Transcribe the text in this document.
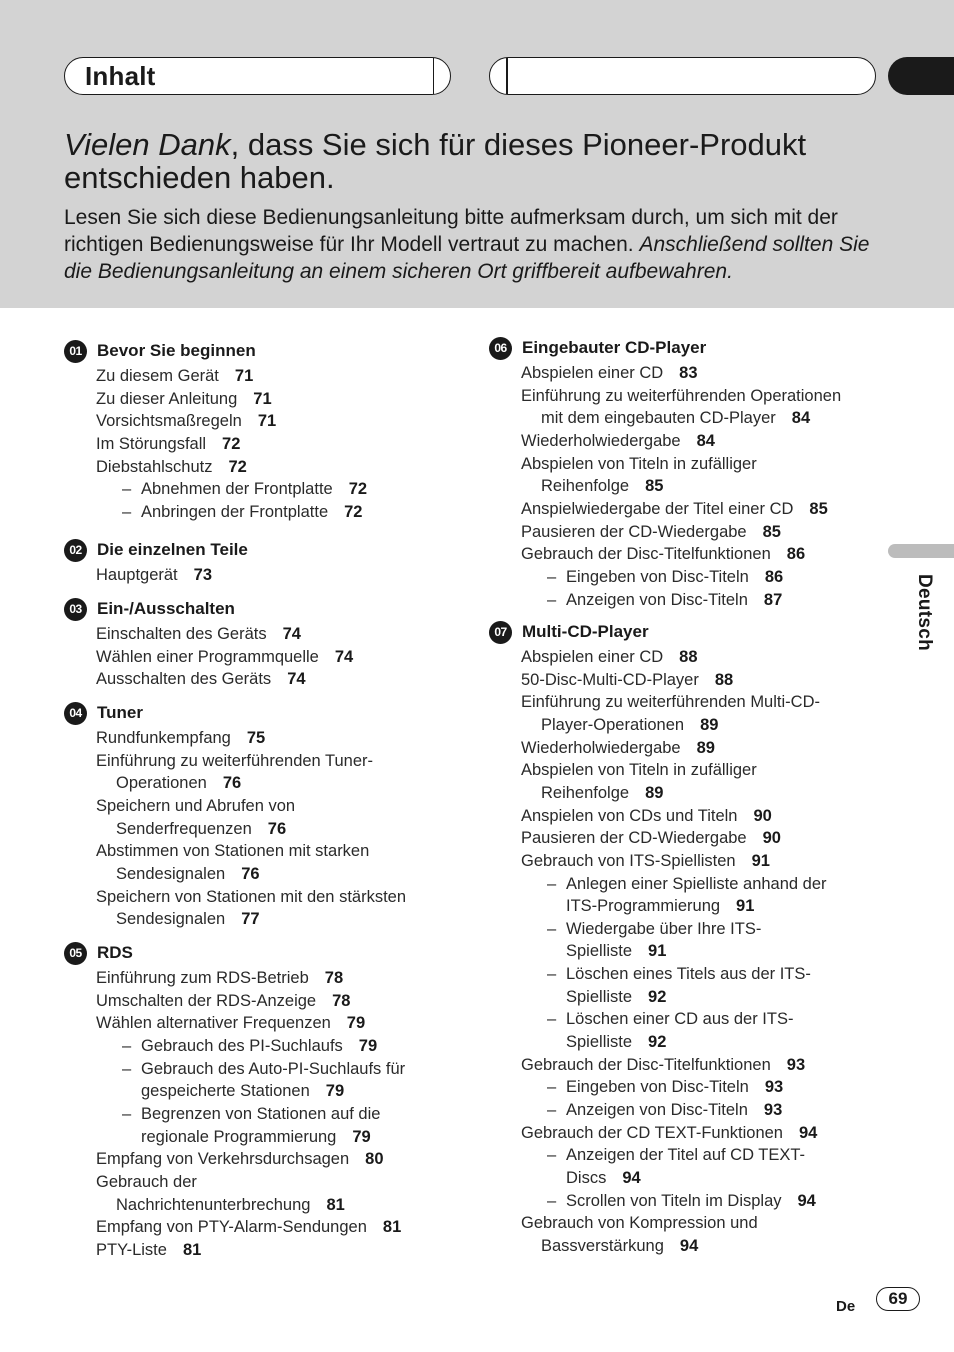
Inhalt
Vielen Dank, dass Sie sich für dieses Pioneer-Produkt entschieden haben.

Lesen Sie sich diese Bedienungsanleitung bitte aufmerksam durch, um sich mit der richtigen Bedienungsweise für Ihr Modell vertraut zu machen. Anschließend sollten Sie die Bedienungsanleitung an einem sicheren Ort griffbereit aufbewahren.

01 Bevor Sie beginnen
Zu diesem Gerät 71
Zu dieser Anleitung 71
Vorsichtsmaßregeln 71
Im Störungsfall 72
Diebstahlschutz 72
– Abnehmen der Frontplatte 72
– Anbringen der Frontplatte 72
02 Die einzelnen Teile
Hauptgerät 73
03 Ein-/Ausschalten
Einschalten des Geräts 74
Wählen einer Programmquelle 74
Ausschalten des Geräts 74
04 Tuner
Rundfunkempfang 75
Einführung zu weiterführenden Tuner-
Operationen 76
Speichern und Abrufen von
Senderfrequenzen 76
Abstimmen von Stationen mit starken
Sendesignalen 76
Speichern von Stationen mit den stärksten
Sendesignalen 77
05 RDS
Einführung zum RDS-Betrieb 78
Umschalten der RDS-Anzeige 78
Wählen alternativer Frequenzen 79
– Gebrauch des PI-Suchlaufs 79
– Gebrauch des Auto-PI-Suchlaufs für
gespeicherte Stationen 79
– Begrenzen von Stationen auf die
regionale Programmierung 79
Empfang von Verkehrsdurchsagen 80
Gebrauch der
Nachrichtenunterbrechung 81
Empfang von PTY-Alarm-Sendungen 81
PTY-Liste 81
06 Eingebauter CD-Player
Abspielen einer CD 83
Einführung zu weiterführenden Operationen
mit dem eingebauten CD-Player 84
Wiederholwiedergabe 84
Abspielen von Titeln in zufälliger
Reihenfolge 85
Anspielwiedergabe der Titel einer CD 85
Pausieren der CD-Wiedergabe 85
Gebrauch der Disc-Titelfunktionen 86
– Eingeben von Disc-Titeln 86
– Anzeigen von Disc-Titeln 87
07 Multi-CD-Player
Abspielen einer CD 88
50-Disc-Multi-CD-Player 88
Einführung zu weiterführenden Multi-CD-
Player-Operationen 89
Wiederholwiedergabe 89
Abspielen von Titeln in zufälliger
Reihenfolge 89
Anspielen von CDs und Titeln 90
Pausieren der CD-Wiedergabe 90
Gebrauch von ITS-Spiellisten 91
– Anlegen einer Spielliste anhand der
ITS-Programmierung 91
– Wiedergabe über Ihre ITS-
Spielliste 91
– Löschen eines Titels aus der ITS-
Spielliste 92
– Löschen einer CD aus der ITS-
Spielliste 92
Gebrauch der Disc-Titelfunktionen 93
– Eingeben von Disc-Titeln 93
– Anzeigen von Disc-Titeln 93
Gebrauch der CD TEXT-Funktionen 94
– Anzeigen der Titel auf CD TEXT-
Discs 94
– Scrollen von Titeln im Display 94
Gebrauch von Kompression und
Bassverstärkung 94
Deutsch
De	69
